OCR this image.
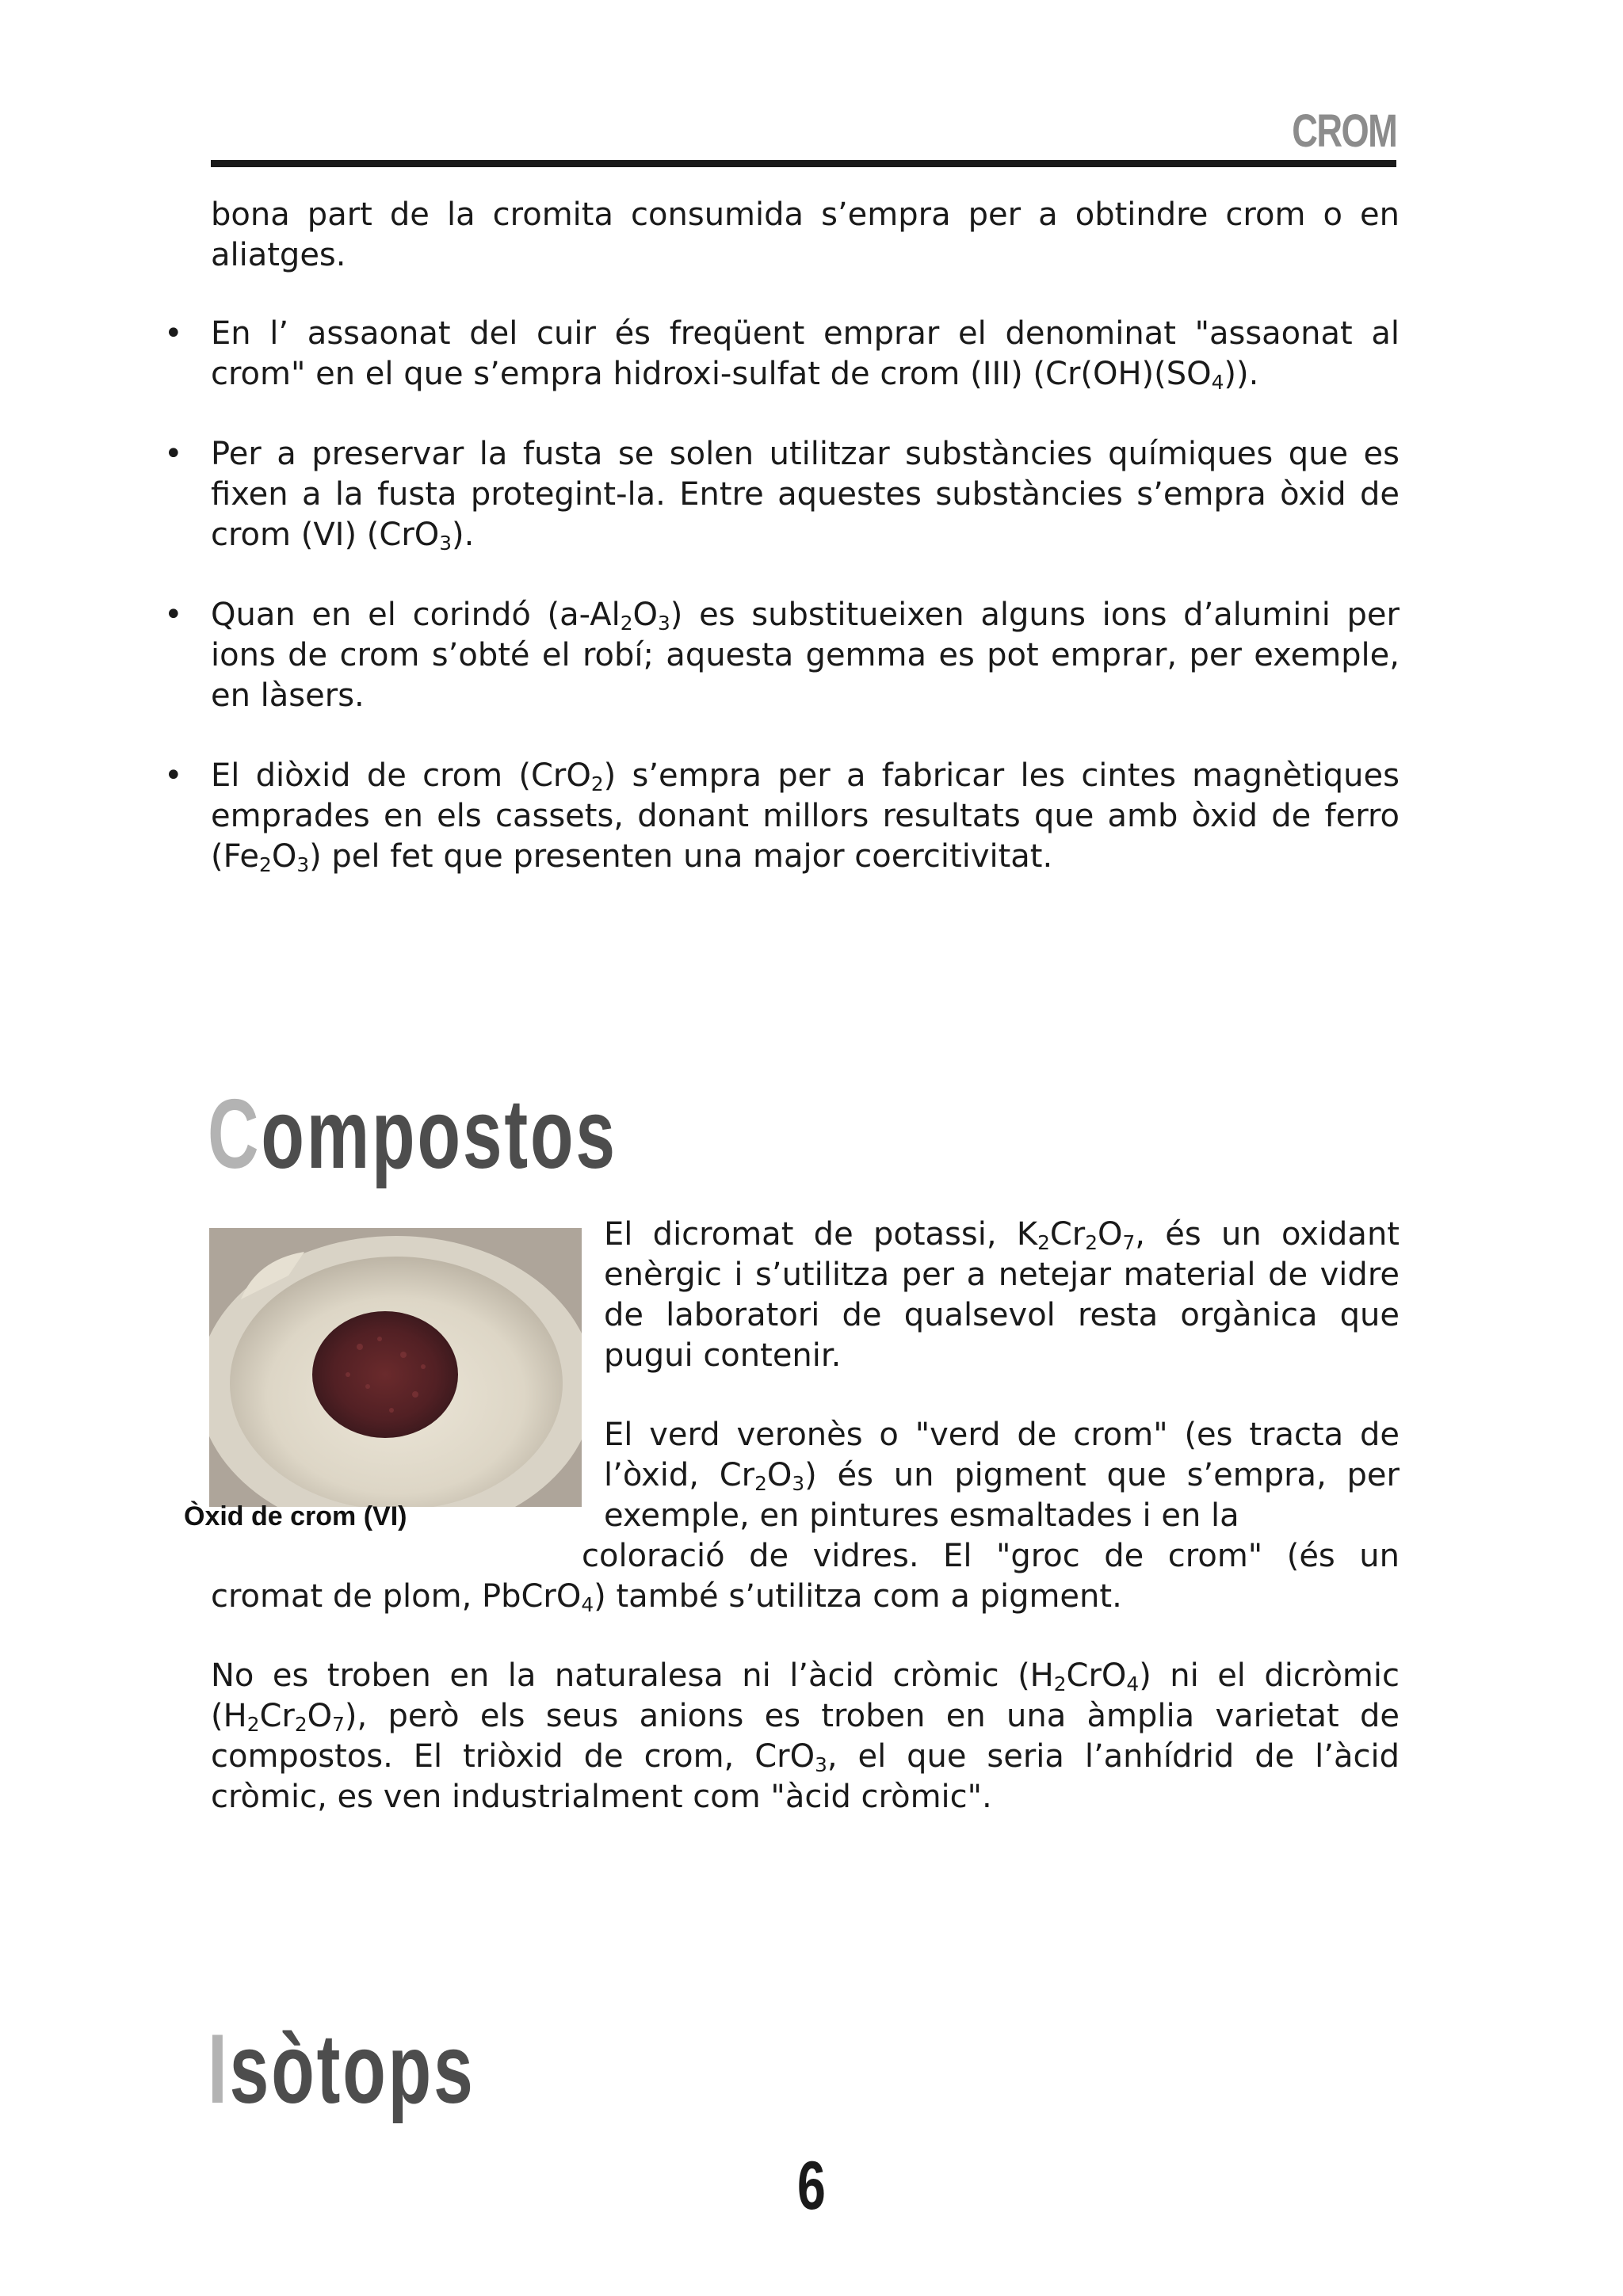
CROM

bona part de la cromita consumida s’empra per a obtindre crom o en aliatges.

• En l’ assaonat del cuir és freqüent emprar el denominat "assaonat al crom" en el que s’empra hidroxi-sulfat de crom (III) $(Cr(OH)(SO_4))$.
• Per a preservar la fusta se solen utilitzar substàncies químiques que es fixen a la fusta protegint-la. Entre aquestes substàncies s’empra òxid de crom (VI) (CrO$_3$).
• Quan en el corindó $(a-Al_2O_3)$ es substitueixen alguns ions d’alumini per ions de crom s’obté el robí; aquesta gemma es pot emprar, per exemple, en làsers.
• El diòxid de crom (CrO$_2$) s’empra per a fabricar les cintes magnètiques emprades en els cassets, donant millors resultats que amb òxid de ferro $(Fe_2O_3)$ pel fet que presenten una major coercitivitat.
Compostos
Òxid de crom (VI)

El dicromat de potassi, $K_2Cr_2O_7$, és un oxidant enèrgic i s’utilitza per a netejar material de vidre de laboratori de qualsevol resta orgànica que pugui contenir.

El verd veronès o "verd de crom" (es tracta de l’òxid, $Cr_2O_3$) és un pigment que s’empra, per exemple, en pintures esmaltades i en la

coloració de vidres. El "groc de crom" (és un

cromat de plom, PbCrO$_4$) també s’utilitza com a pigment.

No es troben en la naturalesa ni l’àcid cròmic $(H_2CrO_4)$ ni el dicròmic $(H_2Cr_2O_7)$, però els seus anions es troben en una àmplia varietat de compostos. El triòxid de crom, CrO$_3$, el que seria l’anhídrid de l’àcid cròmic, es ven industrialment com "àcid cròmic".

Isòtops
6
